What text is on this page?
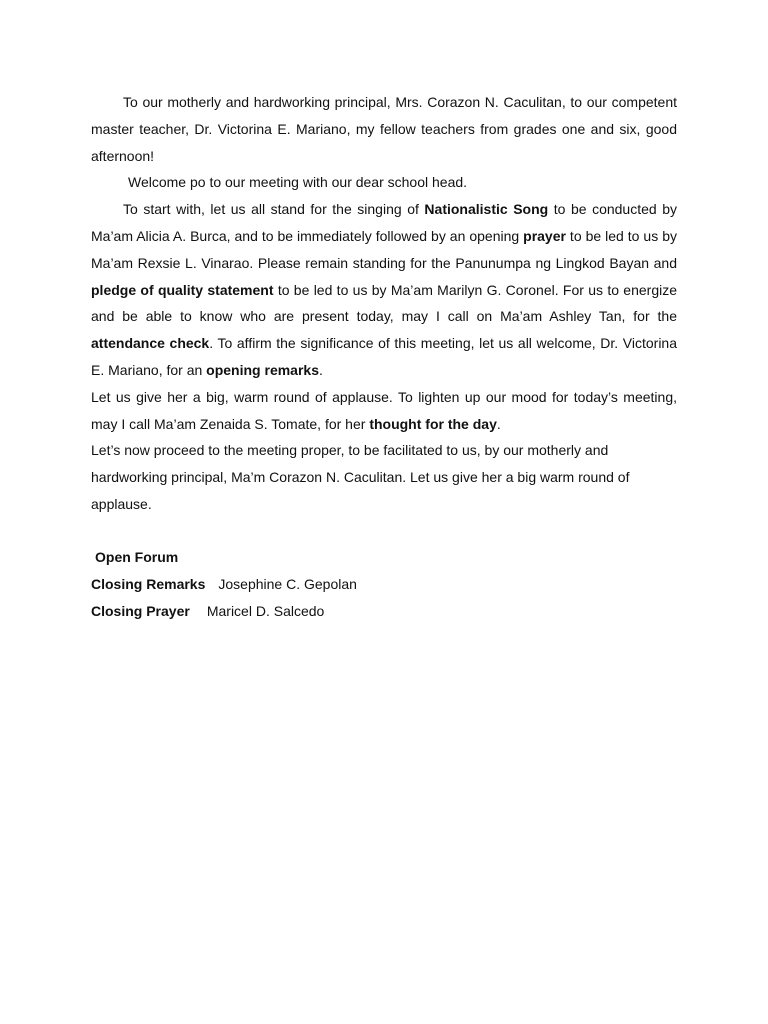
To our motherly and hardworking principal, Mrs. Corazon N. Caculitan, to our competent master teacher, Dr. Victorina E. Mariano, my fellow teachers from grades one and six, good afternoon!

Welcome po to our meeting with our dear school head.

To start with, let us all stand for the singing of Nationalistic Song to be conducted by Ma’am Alicia A. Burca, and to be immediately followed by an opening prayer to be led to us by Ma’am Rexsie L. Vinarao. Please remain standing for the Panunumpa ng Lingkod Bayan and pledge of quality statement to be led to us by Ma’am Marilyn G. Coronel. For us to energize and be able to know who are present today, may I call on Ma’am Ashley Tan, for the attendance check. To affirm the significance of this meeting, let us all welcome, Dr. Victorina E. Mariano, for an opening remarks.

Let us give her a big, warm round of applause. To lighten up our mood for today’s meeting, may I call Ma’am Zenaida S. Tomate, for her thought for the day.

Let’s now proceed to the meeting proper, to be facilitated to us, by our motherly and hardworking principal, Ma’m Corazon N. Caculitan. Let us give her a big warm round of applause.

Open Forum

Closing Remarks Josephine C. Gepolan

Closing Prayer Maricel D. Salcedo
